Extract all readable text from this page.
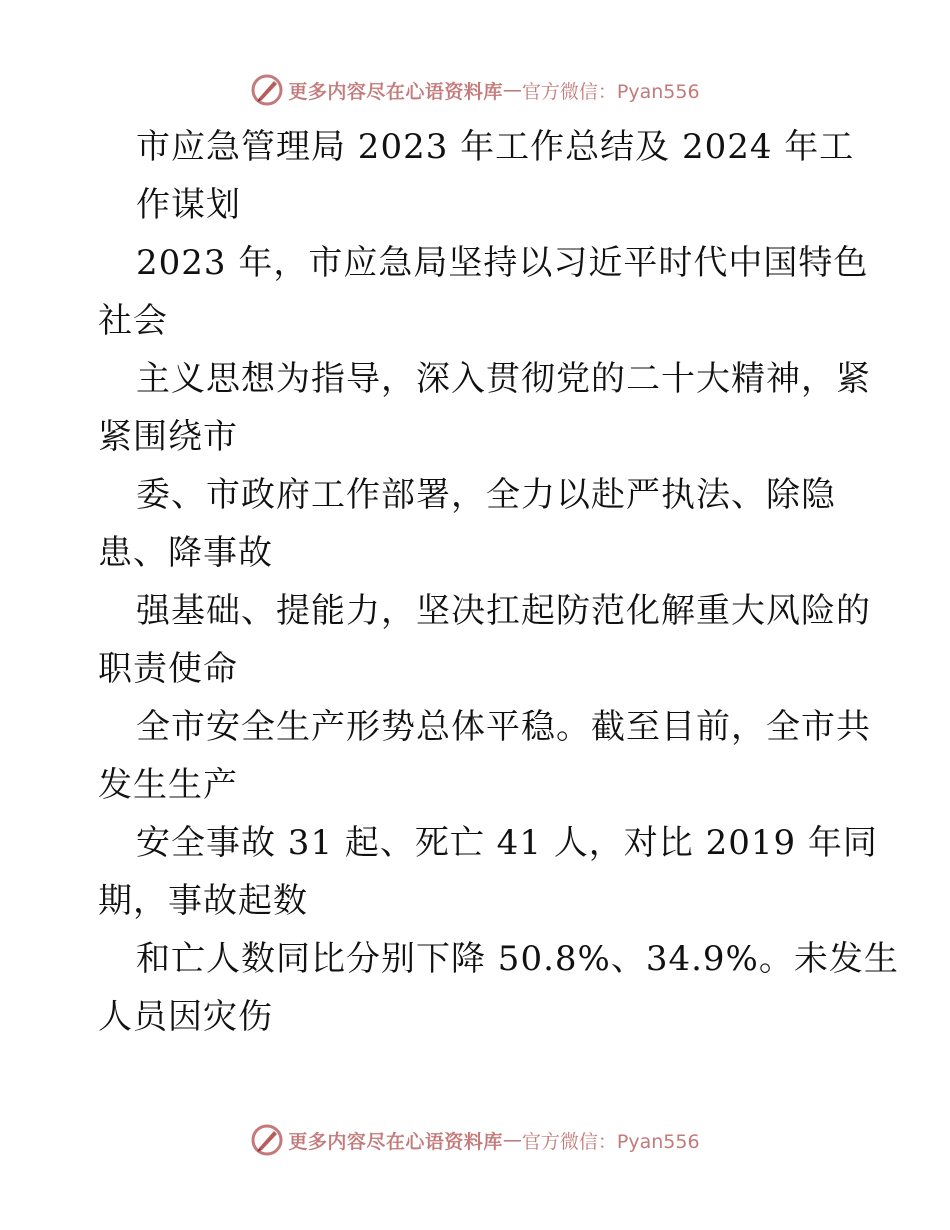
更多内容尽在心语资料库 — 官方微信：Pyan556
市应急管理局 2023 年工作总结及 2024 年工
作谋划
2023 年，市应急局坚持以习近平时代中国特色
社会
主义思想为指导，深入贯彻党的二十大精神，紧
紧围绕市
委、市政府工作部署，全力以赴严执法、除隐
患、降事故
强基础、提能力，坚决扛起防范化解重大风险的
职责使命
全市安全生产形势总体平稳。截至目前，全市共
发生生产
安全事故 31 起、死亡 41 人，对比 2019 年同
期，事故起数
和亡人数同比分别下降 50.8%、34.9%。未发生
人员因灾伤
更多内容尽在心语资料库 — 官方微信：Pyan556
